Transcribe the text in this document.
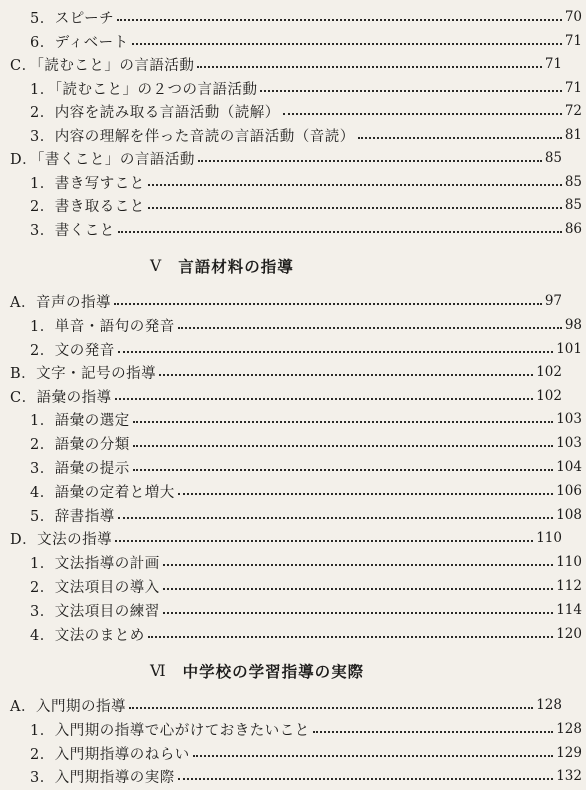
5．スピーチ	70
6．ディベート	71
C．「読むこと」の言語活動	71
1．「読むこと」の２つの言語活動	71
2．内容を読み取る言語活動（読解）	72
3．内容の理解を伴った音読の言語活動（音読）	81
D．「書くこと」の言語活動	85
1．書き写すこと	85
2．書き取ること	85
3．書くこと	86
V 言語材料の指導
A．音声の指導	97
1．単音・語句の発音	98
2．文の発音	101
B．文字・記号の指導	102
C．語彙の指導	102
1．語彙の選定	103
2．語彙の分類	103
3．語彙の提示	104
4．語彙の定着と増大	106
5．辞書指導	108
D．文法の指導	110
1．文法指導の計画	110
2．文法項目の導入	112
3．文法項目の練習	114
4．文法のまとめ	120
Ⅵ 中学校の学習指導の実際
A．入門期の指導	128
1．入門期の指導で心がけておきたいこと	128
2．入門期指導のねらい	129
3．入門期指導の実際	132
